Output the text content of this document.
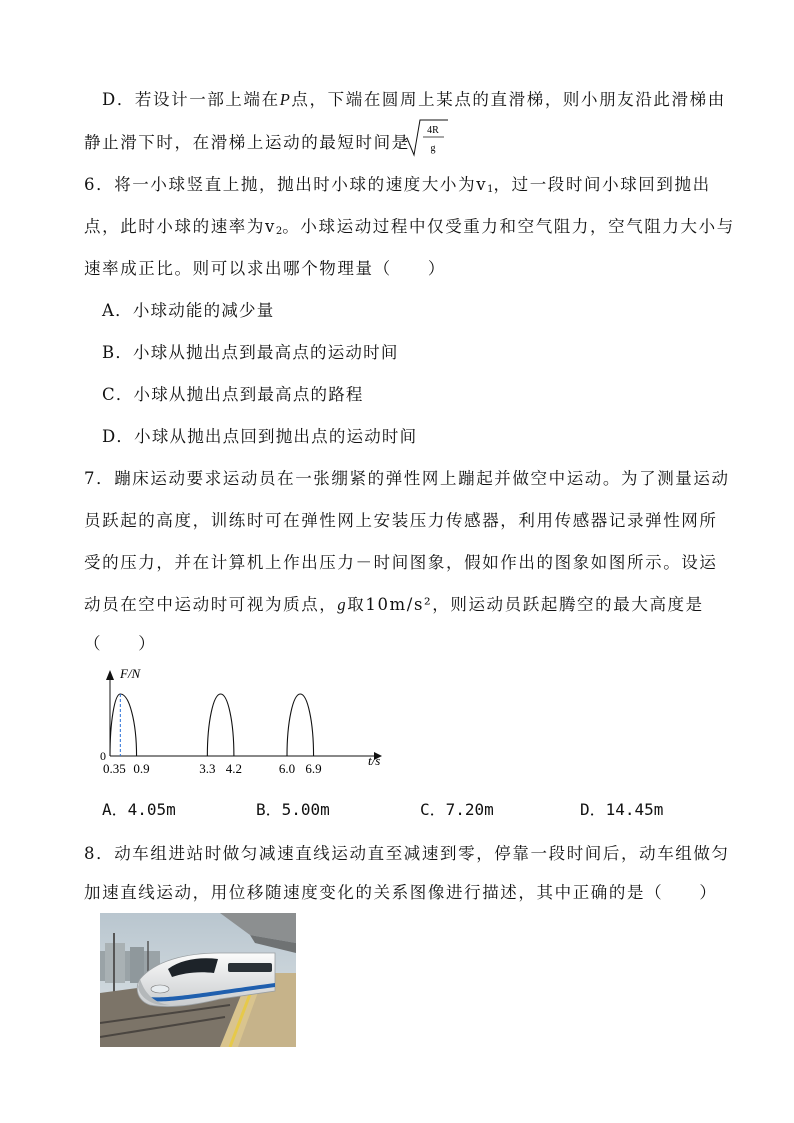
D．若设计一部上端在P点，下端在圆周上某点的直滑梯，则小朋友沿此滑梯由
静止滑下时，在滑梯上运动的最短时间是
4R
g
6．将一小球竖直上抛，抛出时小球的速度大小为$v_1$，过一段时间小球回到抛出
点，此时小球的速率为$v_2$。小球运动过程中仅受重力和空气阻力，空气阻力大小与
速率成正比。则可以求出哪个物理量（　　）
A．小球动能的减少量
B．小球从抛出点到最高点的运动时间
C．小球从抛出点到最高点的路程
D．小球从抛出点回到抛出点的运动时间
7．蹦床运动要求运动员在一张绷紧的弹性网上蹦起并做空中运动。为了测量运动
员跃起的高度，训练时可在弹性网上安装压力传感器，利用传感器记录弹性网所
受的压力，并在计算机上作出压力－时间图象，假如作出的图象如图所示。设运
动员在空中运动时可视为质点，g取10m/s²，则运动员跃起腾空的最大高度是
（　　）
F/N
t/s
0
0.35 0.9	3.3 4.2	6.0 6.9
A．4.05m	B．5.00m	C．7.20m	D．14.45m
8．动车组进站时做匀减速直线运动直至减速到零，停靠一段时间后，动车组做匀
加速直线运动，用位移随速度变化的关系图像进行描述，其中正确的是（　　）
